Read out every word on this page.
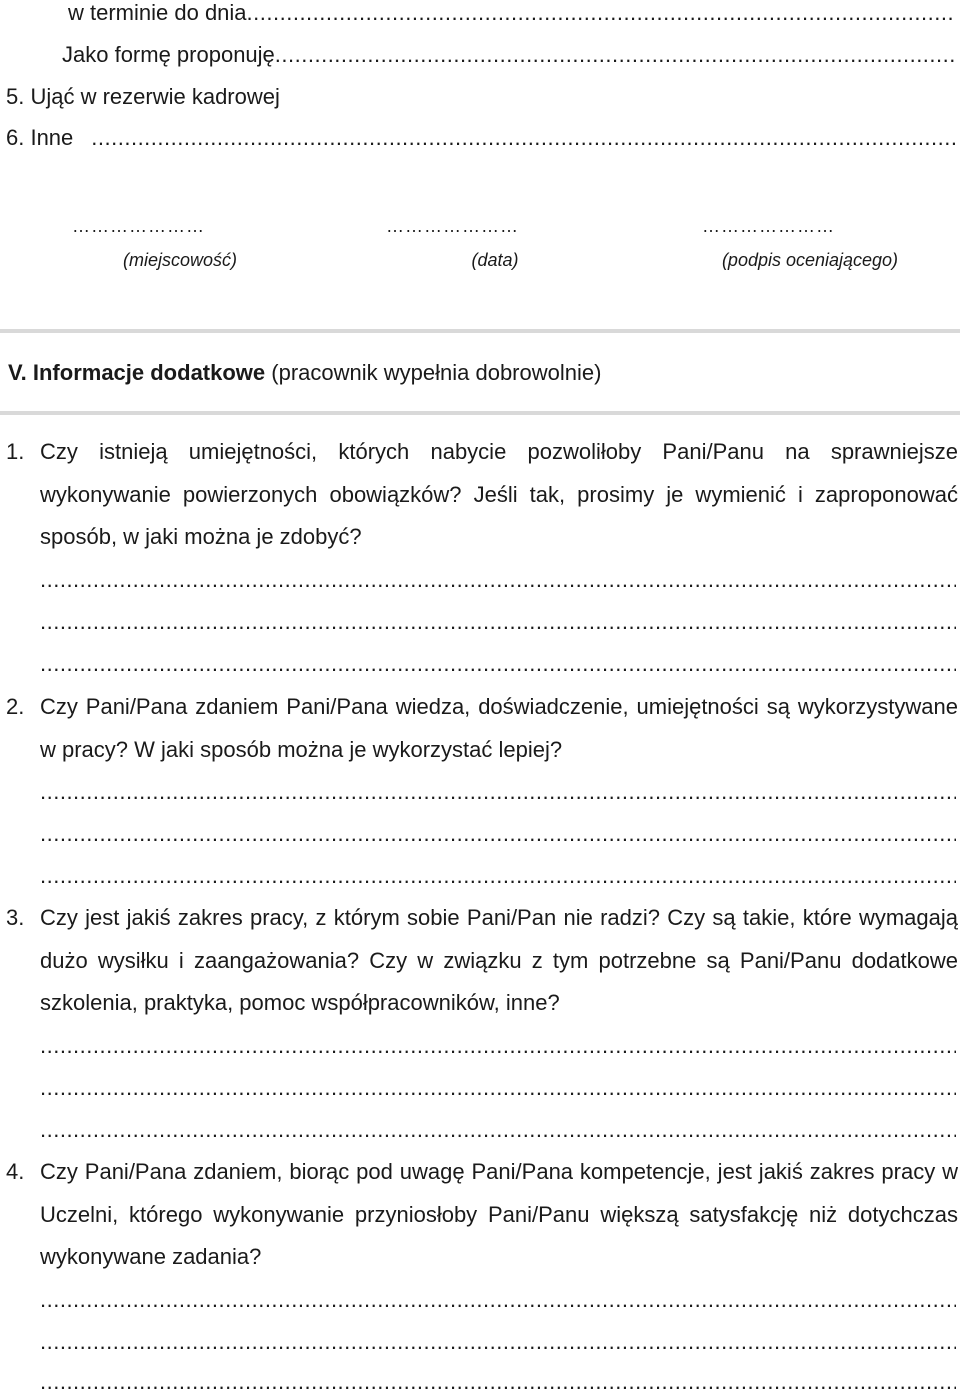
w terminie do dnia
.....
Jako formę proponuję
.....
5. Ująć w rezerwie kadrowej
6. Inne
.....
…………………	…………………	…………………
(miejscowość)	(data)	(podpis oceniającego)
V. Informacje dodatkowe (pracownik wypełnia dobrowolnie)
1. Czy istnieją umiejętności, których nabycie pozwoliłoby Pani/Panu na sprawniejsze wykonywanie powierzonych obowiązków? Jeśli tak, prosimy je wymienić i zaproponować sposób, w jaki można je zdobyć?
.....
.....
.....
2. Czy Pani/Pana zdaniem Pani/Pana wiedza, doświadczenie, umiejętności są wykorzystywane w pracy? W jaki sposób można je wykorzystać lepiej?
.....
.....
.....
3. Czy jest jakiś zakres pracy, z którym sobie Pani/Pan nie radzi? Czy są takie, które wymagają dużo wysiłku i zaangażowania? Czy w związku z tym potrzebne są Pani/Panu dodatkowe szkolenia, praktyka, pomoc współpracowników, inne?
.....
.....
.....
4. Czy Pani/Pana zdaniem, biorąc pod uwagę Pani/Pana kompetencje, jest jakiś zakres pracy w Uczelni, którego wykonywanie przyniosłoby Pani/Panu większą satysfakcję niż dotychczas wykonywane zadania?
.....
.....
.....
